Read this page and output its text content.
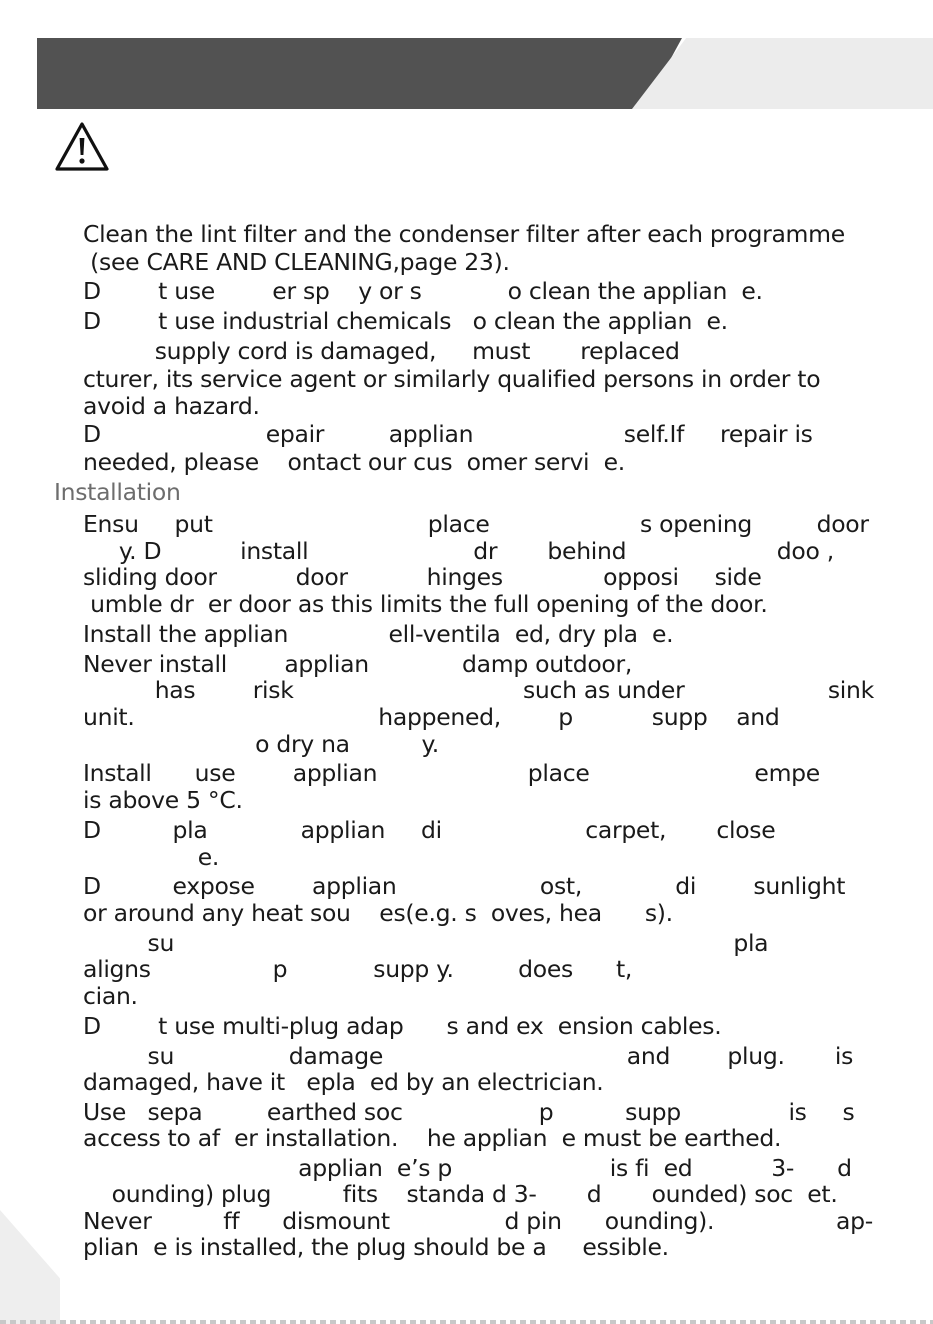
Clean the lint filter and the condenser filter after each programme
(see CARE AND CLEANING,page 23).
D        t use        er sp    y or s            o clean the applian  e.
D        t use industrial chemicals   o clean the applian  e.
supply cord is damaged,     must       replaced
cturer, its service agent or similarly qualified persons in order to
avoid a hazard.
D                       epair         applian                     self.If     repair is
needed, please    ontact our cus  omer servi  e.
Installation
Ensu     put                              place                     s opening         door
y. D           install                       dr       behind                     doo ,
sliding door           door           hinges              opposi     side
umble dr  er door as this limits the full opening of the door.
Install the applian              ell-ventila  ed, dry pla  e.
Never install        applian             damp outdoor,
has        risk                                such as under                    sink
unit.                                  happened,        p           supp    and
o dry na          y.
Install      use        applian                     place                       empe
is above 5 °C.
D          pla             applian     di                    carpet,       close
e.
D          expose        applian                    ost,             di        sunlight
or around any heat sou    es(e.g. s  oves, hea      s).
su                                                                              pla
aligns                 p            supp y.         does      t,
cian.
D        t use multi-plug adap      s and ex  ension cables.
su                damage                                  and        plug.       is
damaged, have it   epla  ed by an electrician.
Use   sepa         earthed soc                   p          supp               is     s
access to af  er installation.    he applian  e must be earthed.
applian  e’s p                      is fi  ed           3-      d
ounding) plug          fits    standa d 3-       d       ounded) soc  et.
Never          ff      dismount                d pin      ounding).                 ap-
plian  e is installed, the plug should be a     essible.
